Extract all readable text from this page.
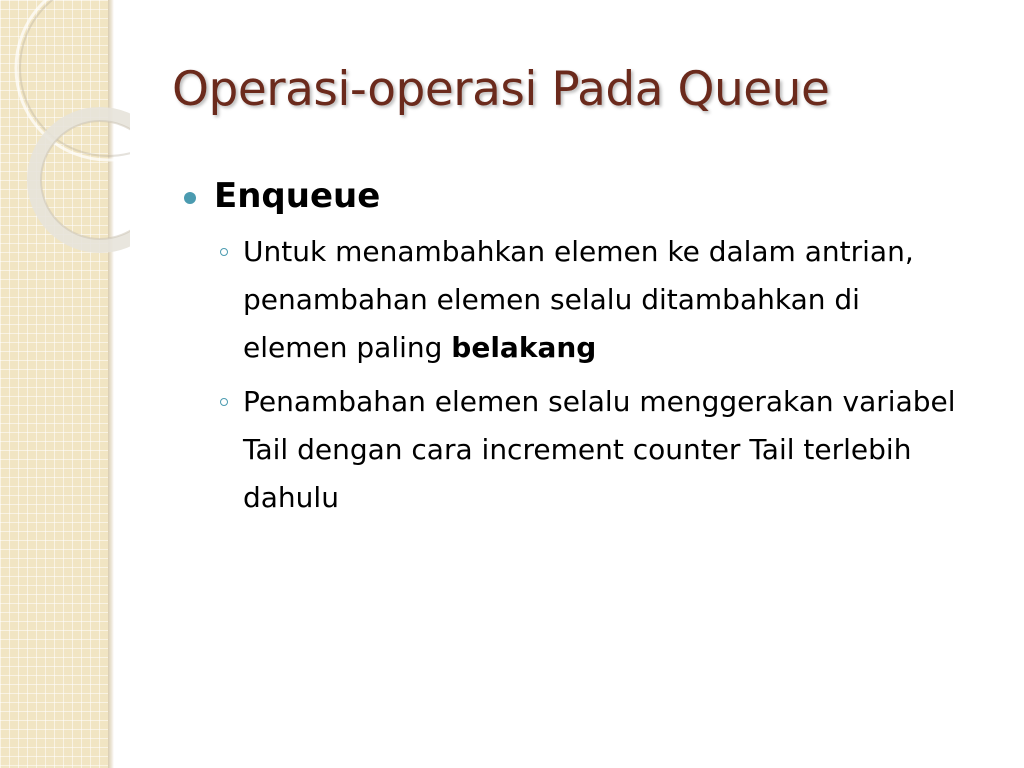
Operasi-operasi Pada Queue
Enqueue
Untuk menambahkan elemen ke dalam antrian, penambahan elemen selalu ditambahkan di elemen paling belakang
Penambahan elemen selalu menggerakan variabel Tail dengan cara increment counter Tail terlebih dahulu
